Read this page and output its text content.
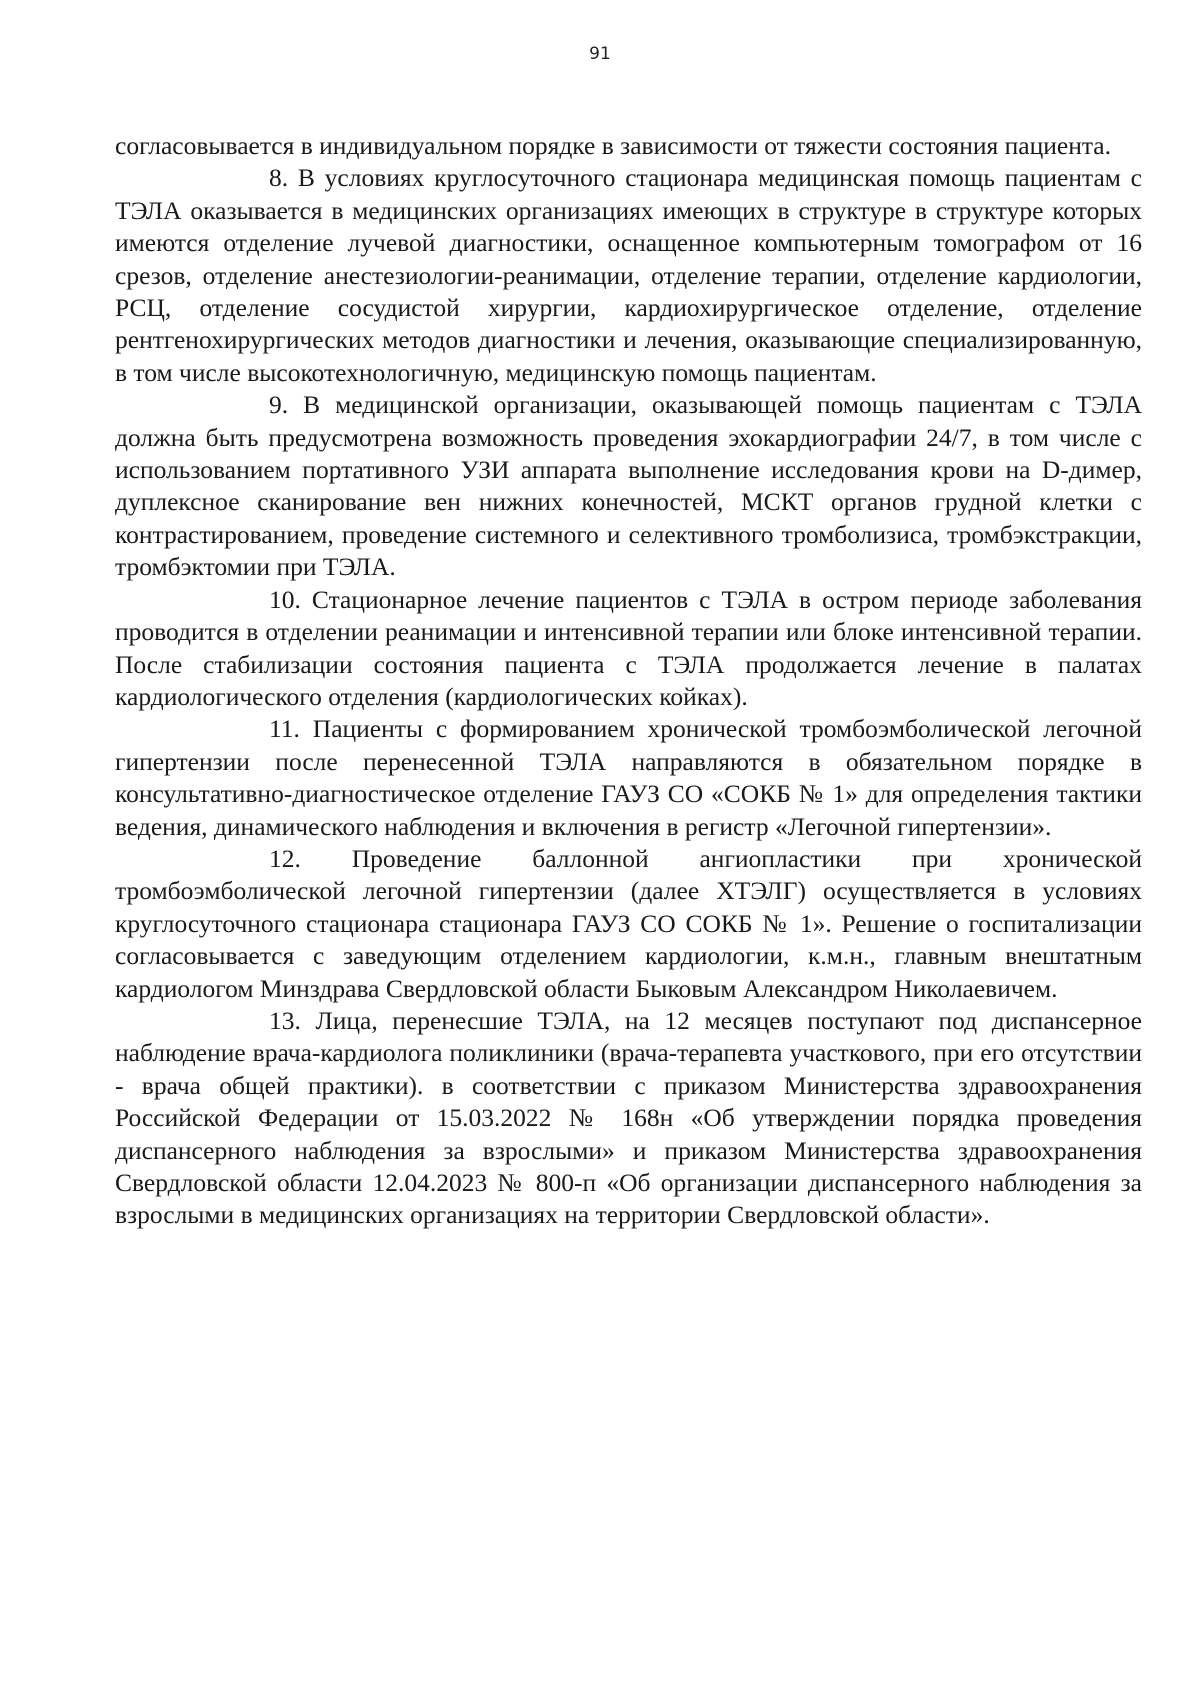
91

согласовывается в индивидуальном порядке в зависимости от тяжести состояния пациента.

8. В условиях круглосуточного стационара медицинская помощь пациентам с ТЭЛА оказывается в медицинских организациях имеющих в структуре в структуре которых имеются отделение лучевой диагностики, оснащенное компьютерным томографом от 16 срезов, отделение анестезиологии-реанимации, отделение терапии, отделение кардиологии, РСЦ, отделение сосудистой хирургии, кардиохирургическое отделение, отделение рентгенохирургических методов диагностики и лечения, оказывающие специализированную, в том числе высокотехнологичную, медицинскую помощь пациентам.

9. В медицинской организации, оказывающей помощь пациентам с ТЭЛА должна быть предусмотрена возможность проведения эхокардиографии 24/7, в том числе с использованием портативного УЗИ аппарата выполнение исследования крови на D-димер, дуплексное сканирование вен нижних конечностей, МСКТ органов грудной клетки с контрастированием, проведение системного и селективного тромболизиса, тромбэкстракции, тромбэктомии при ТЭЛА.

10. Стационарное лечение пациентов с ТЭЛА в остром периоде заболевания проводится в отделении реанимации и интенсивной терапии или блоке интенсивной терапии. После стабилизации состояния пациента с ТЭЛА продолжается лечение в палатах кардиологического отделения (кардиологических койках).

11. Пациенты с формированием хронической тромбоэмболической легочной гипертензии после перенесенной ТЭЛА направляются в обязательном порядке в консультативно-диагностическое отделение ГАУЗ СО «СОКБ № 1» для определения тактики ведения, динамического наблюдения и включения в регистр «Легочной гипертензии».

12. Проведение баллонной ангиопластики при хронической тромбоэмболической легочной гипертензии (далее ХТЭЛГ) осуществляется в условиях круглосуточного стационара стационара ГАУЗ СО СОКБ № 1». Решение о госпитализации согласовывается с заведующим отделением кардиологии, к.м.н., главным внештатным кардиологом Минздрава Свердловской области Быковым Александром Николаевичем.

13. Лица, перенесшие ТЭЛА, на 12 месяцев поступают под диспансерное наблюдение врача-кардиолога поликлиники (врача-терапевта участкового, при его отсутствии - врача общей практики). в соответствии с приказом Министерства здравоохранения Российской Федерации от 15.03.2022 № 168н «Об утверждении порядка проведения диспансерного наблюдения за взрослыми» и приказом Министерства здравоохранения Свердловской области 12.04.2023 № 800-п «Об организации диспансерного наблюдения за взрослыми в медицинских организациях на территории Свердловской области».
